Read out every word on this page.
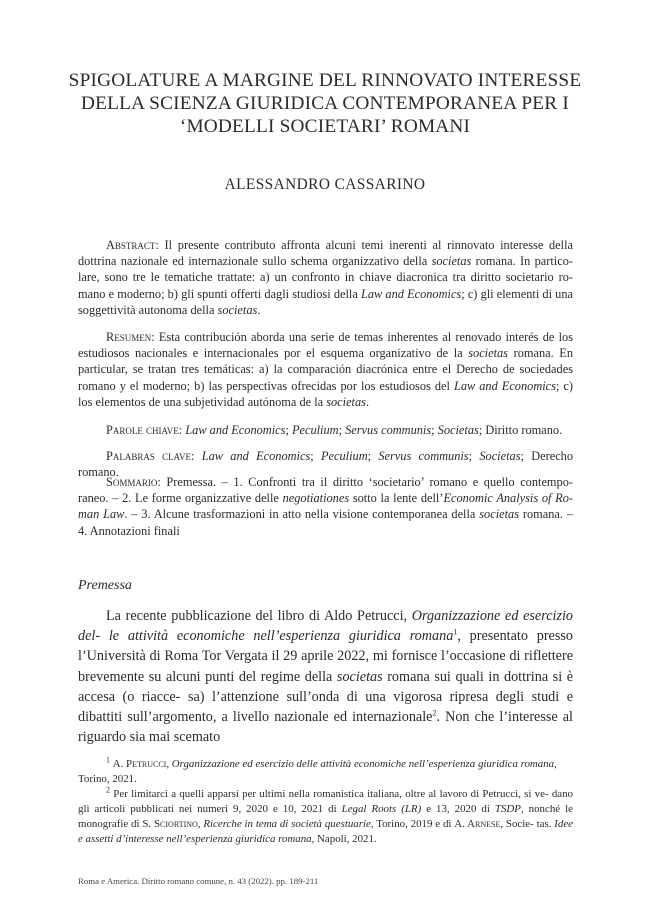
SPIGOLATURE A MARGINE DEL RINNOVATO INTERESSE
DELLA SCIENZA GIURIDICA CONTEMPORANEA PER I
‘MODELLI SOCIETARI’ ROMANI
ALESSANDRO CASSARINO

Abstract: Il presente contributo affronta alcuni temi inerenti al rinnovato interesse della dottrina nazionale ed internazionale sullo schema organizzativo della societas romana. In partico- lare, sono tre le tematiche trattate: a) un confronto in chiave diacronica tra diritto societario ro- mano e moderno; b) gli spunti offerti dagli studiosi della Law and Economics; c) gli elementi di una soggettività autonoma della societas.

Resumen: Esta contribución aborda una serie de temas inherentes al renovado interés de los estudiosos nacionales e internacionales por el esquema organizativo de la societas romana. En particular, se tratan tres temáticas: a) la comparación diacrónica entre el Derecho de sociedades romano y el moderno; b) las perspectivas ofrecidas por los estudiosos del Law and Economics; c) los elementos de una subjetividad autónoma de la societas.

Parole chiave: Law and Economics; Peculium; Servus communis; Societas; Diritto romano.

Palabras clave: Law and Economics; Peculium; Servus communis; Societas; Derecho romano.

Sommario: Premessa. – 1. Confronti tra il diritto ‘societario’ romano e quello contempo- raneo. – 2. Le forme organizzative delle negotiationes sotto la lente dell’Economic Analysis of Ro- man Law. – 3. Alcune trasformazioni in atto nella visione contemporanea della societas romana. – 4. Annotazioni finali

Premessa

La recente pubblicazione del libro di Aldo Petrucci, Organizzazione ed esercizio del- le attività economiche nell’esperienza giuridica romana$^1$, presentato presso l’Università di Roma Tor Vergata il 29 aprile 2022, mi fornisce l’occasione di riflettere brevemente su alcuni punti del regime della societas romana sui quali in dottrina si è accesa (o riacce- sa) l’attenzione sull’onda di una vigorosa ripresa degli studi e dibattiti sull’argomento, a livello nazionale ed internazionale$^2$. Non che l’interesse al riguardo sia mai scemato

$^1$ A. Petrucci, Organizzazione ed esercizio delle attività economiche nell’esperienza giuridica romana,

Torino, 2021.

$^2$ Per limitarci a quelli apparsi per ultimi nella romanistica italiana, oltre al lavoro di Petrucci, si ve- dano gli articoli pubblicati nei numeri 9, 2020 e 10, 2021 di Legal Roots (LR) e 13, 2020 di TSDP, nonché le monografie di S. Sciortino, Ricerche in tema di società questuarie, Torino, 2019 e di A. Arnese, Socie- tas. Idee e assetti d’interesse nell’esperienza giuridica romana, Napoli, 2021.

Roma e America. Diritto romano comune, n. 43 (2022). pp. 189-211
